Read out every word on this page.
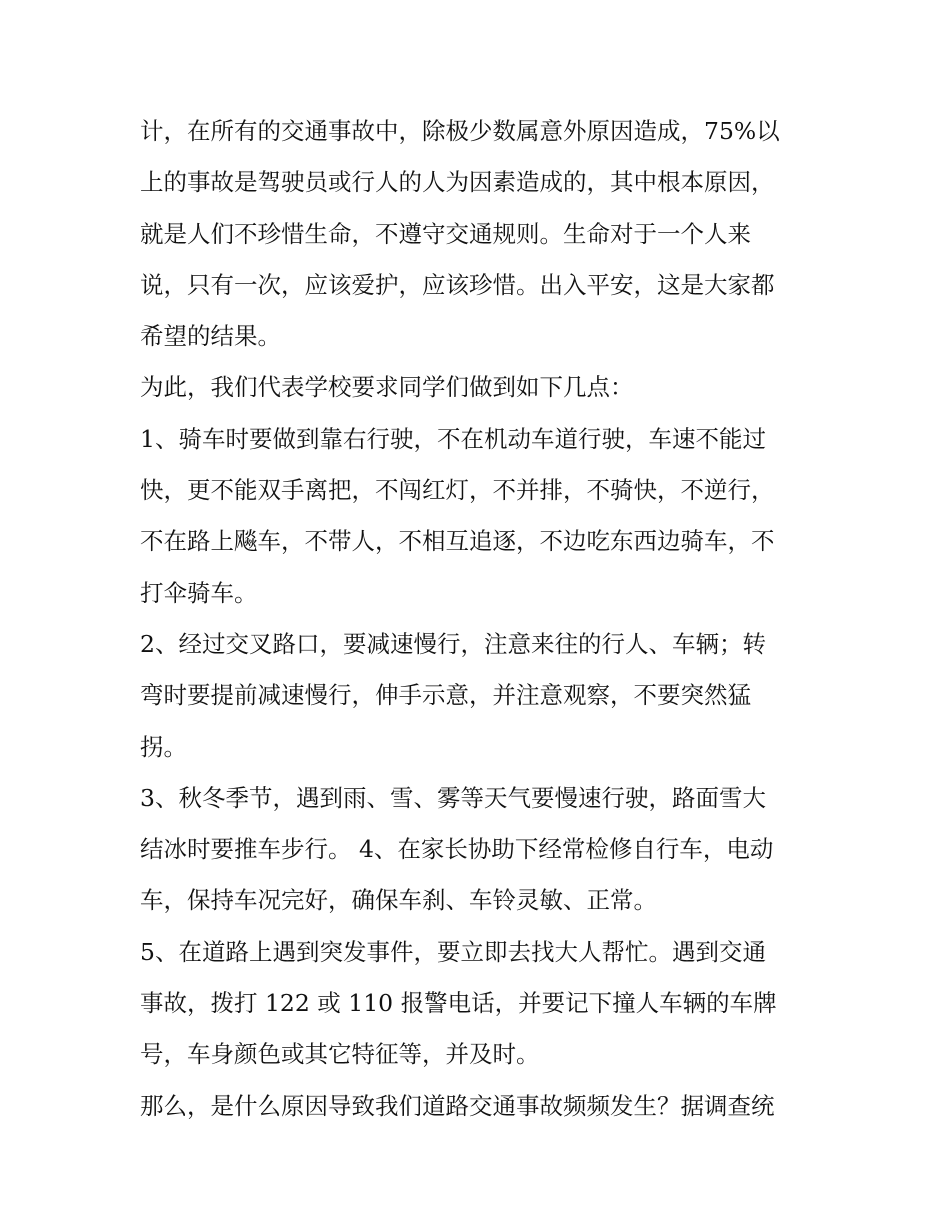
计，在所有的交通事故中，除极少数属意外原因造成，75%以
上的事故是驾驶员或行人的人为因素造成的，其中根本原因，
就是人们不珍惜生命，不遵守交通规则。生命对于一个人来
说，只有一次，应该爱护，应该珍惜。出入平安，这是大家都
希望的结果。
为此，我们代表学校要求同学们做到如下几点：
1、骑车时要做到靠右行驶，不在机动车道行驶，车速不能过
快，更不能双手离把，不闯红灯，不并排，不骑快，不逆行，
不在路上飚车，不带人，不相互追逐，不边吃东西边骑车，不
打伞骑车。
2、经过交叉路口，要减速慢行，注意来往的行人、车辆；转
弯时要提前减速慢行，伸手示意，并注意观察，不要突然猛
拐。
3、秋冬季节，遇到雨、雪、雾等天气要慢速行驶，路面雪大
结冰时要推车步行。 4、在家长协助下经常检修自行车，电动
车，保持车况完好，确保车刹、车铃灵敏、正常。
5、在道路上遇到突发事件，要立即去找大人帮忙。遇到交通
事故，拨打 122 或 110 报警电话，并要记下撞人车辆的车牌
号，车身颜色或其它特征等，并及时。
那么，是什么原因导致我们道路交通事故频频发生？据调查统
